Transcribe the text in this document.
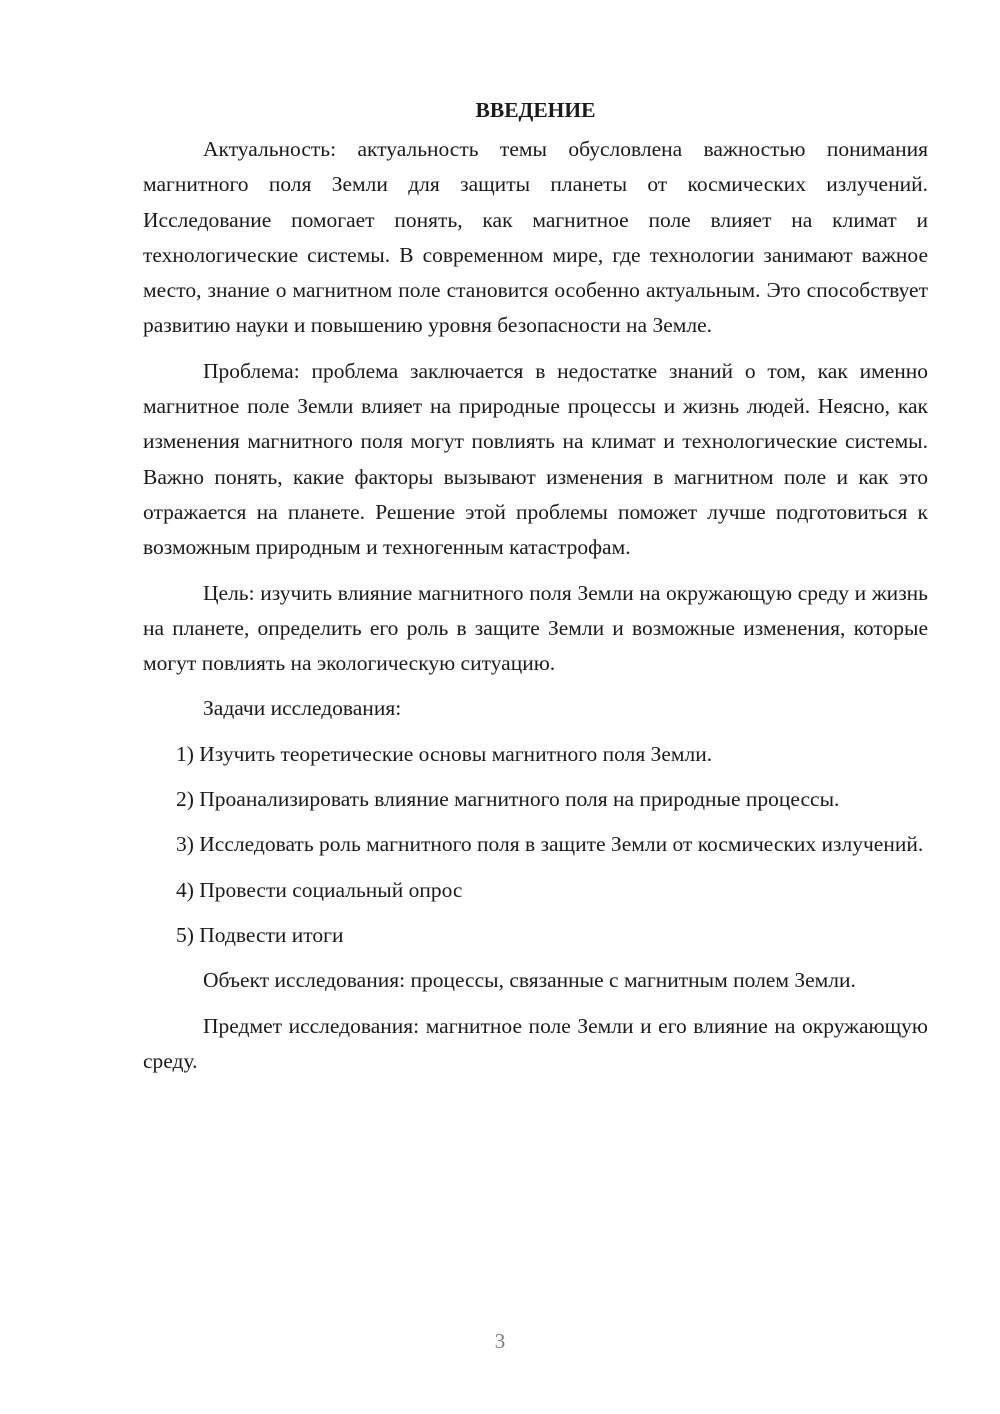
ВВЕДЕНИЕ

Актуальность: актуальность темы обусловлена важностью понимания магнитного поля Земли для защиты планеты от космических излучений. Исследование помогает понять, как магнитное поле влияет на климат и технологические системы. В современном мире, где технологии занимают важное место, знание о магнитном поле становится особенно актуальным. Это способствует развитию науки и повышению уровня безопасности на Земле.

Проблема: проблема заключается в недостатке знаний о том, как именно магнитное поле Земли влияет на природные процессы и жизнь людей. Неясно, как изменения магнитного поля могут повлиять на климат и технологические системы. Важно понять, какие факторы вызывают изменения в магнитном поле и как это отражается на планете. Решение этой проблемы поможет лучше подготовиться к возможным природным и техногенным катастрофам.

Цель: изучить влияние магнитного поля Земли на окружающую среду и жизнь на планете, определить его роль в защите Земли и возможные изменения, которые могут повлиять на экологическую ситуацию.

Задачи исследования:

1) Изучить теоретические основы магнитного поля Земли.

2) Проанализировать влияние магнитного поля на природные процессы.

3) Исследовать роль магнитного поля в защите Земли от космических излучений.

4) Провести социальный опрос

5) Подвести итоги

Объект исследования: процессы, связанные с магнитным полем Земли.

Предмет исследования: магнитное поле Земли и его влияние на окружающую среду.

3
